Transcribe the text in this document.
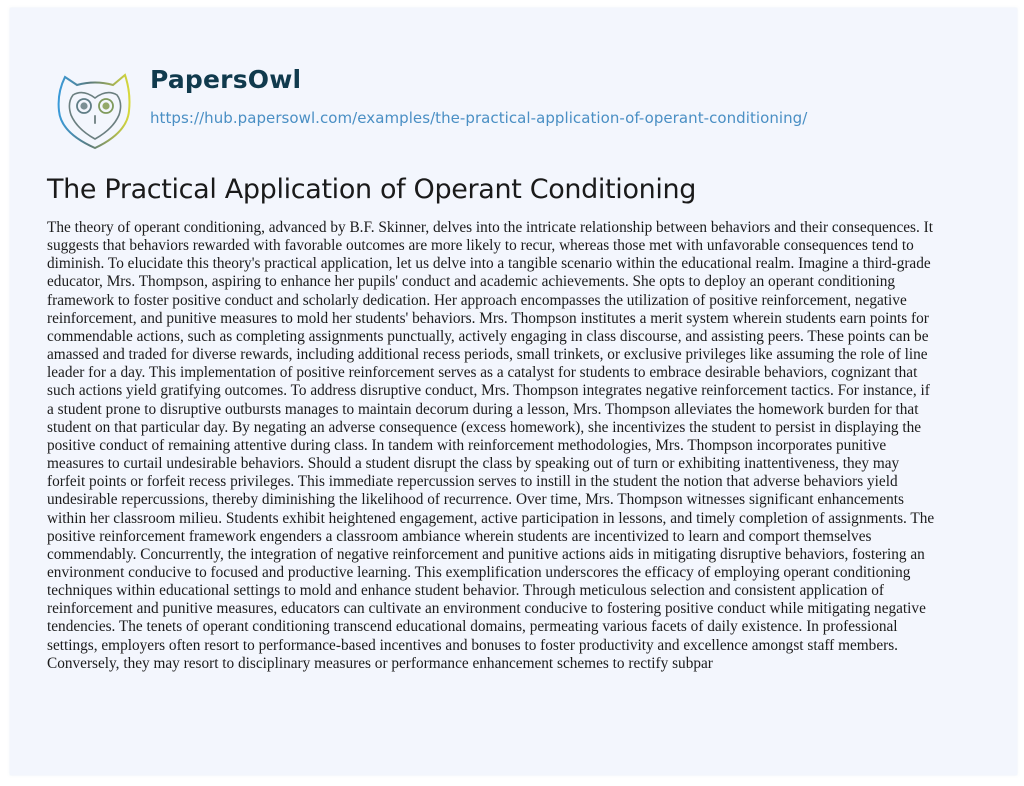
PapersOwl
https://hub.papersowl.com/examples/the-practical-application-of-operant-conditioning/
The Practical Application of Operant Conditioning
The theory of operant conditioning, advanced by B.F. Skinner, delves into the intricate relationship between behaviors and their consequences. It
suggests that behaviors rewarded with favorable outcomes are more likely to recur, whereas those met with unfavorable consequences tend to
diminish. To elucidate this theory's practical application, let us delve into a tangible scenario within the educational realm. Imagine a third-grade
educator, Mrs. Thompson, aspiring to enhance her pupils' conduct and academic achievements. She opts to deploy an operant conditioning
framework to foster positive conduct and scholarly dedication. Her approach encompasses the utilization of positive reinforcement, negative
reinforcement, and punitive measures to mold her students' behaviors. Mrs. Thompson institutes a merit system wherein students earn points for
commendable actions, such as completing assignments punctually, actively engaging in class discourse, and assisting peers. These points can be
amassed and traded for diverse rewards, including additional recess periods, small trinkets, or exclusive privileges like assuming the role of line
leader for a day. This implementation of positive reinforcement serves as a catalyst for students to embrace desirable behaviors, cognizant that
such actions yield gratifying outcomes. To address disruptive conduct, Mrs. Thompson integrates negative reinforcement tactics. For instance, if
a student prone to disruptive outbursts manages to maintain decorum during a lesson, Mrs. Thompson alleviates the homework burden for that
student on that particular day. By negating an adverse consequence (excess homework), she incentivizes the student to persist in displaying the
positive conduct of remaining attentive during class. In tandem with reinforcement methodologies, Mrs. Thompson incorporates punitive
measures to curtail undesirable behaviors. Should a student disrupt the class by speaking out of turn or exhibiting inattentiveness, they may
forfeit points or forfeit recess privileges. This immediate repercussion serves to instill in the student the notion that adverse behaviors yield
undesirable repercussions, thereby diminishing the likelihood of recurrence. Over time, Mrs. Thompson witnesses significant enhancements
within her classroom milieu. Students exhibit heightened engagement, active participation in lessons, and timely completion of assignments. The
positive reinforcement framework engenders a classroom ambiance wherein students are incentivized to learn and comport themselves
commendably. Concurrently, the integration of negative reinforcement and punitive actions aids in mitigating disruptive behaviors, fostering an
environment conducive to focused and productive learning. This exemplification underscores the efficacy of employing operant conditioning
techniques within educational settings to mold and enhance student behavior. Through meticulous selection and consistent application of
reinforcement and punitive measures, educators can cultivate an environment conducive to fostering positive conduct while mitigating negative
tendencies. The tenets of operant conditioning transcend educational domains, permeating various facets of daily existence. In professional
settings, employers often resort to performance-based incentives and bonuses to foster productivity and excellence amongst staff members.
Conversely, they may resort to disciplinary measures or performance enhancement schemes to rectify subpar
